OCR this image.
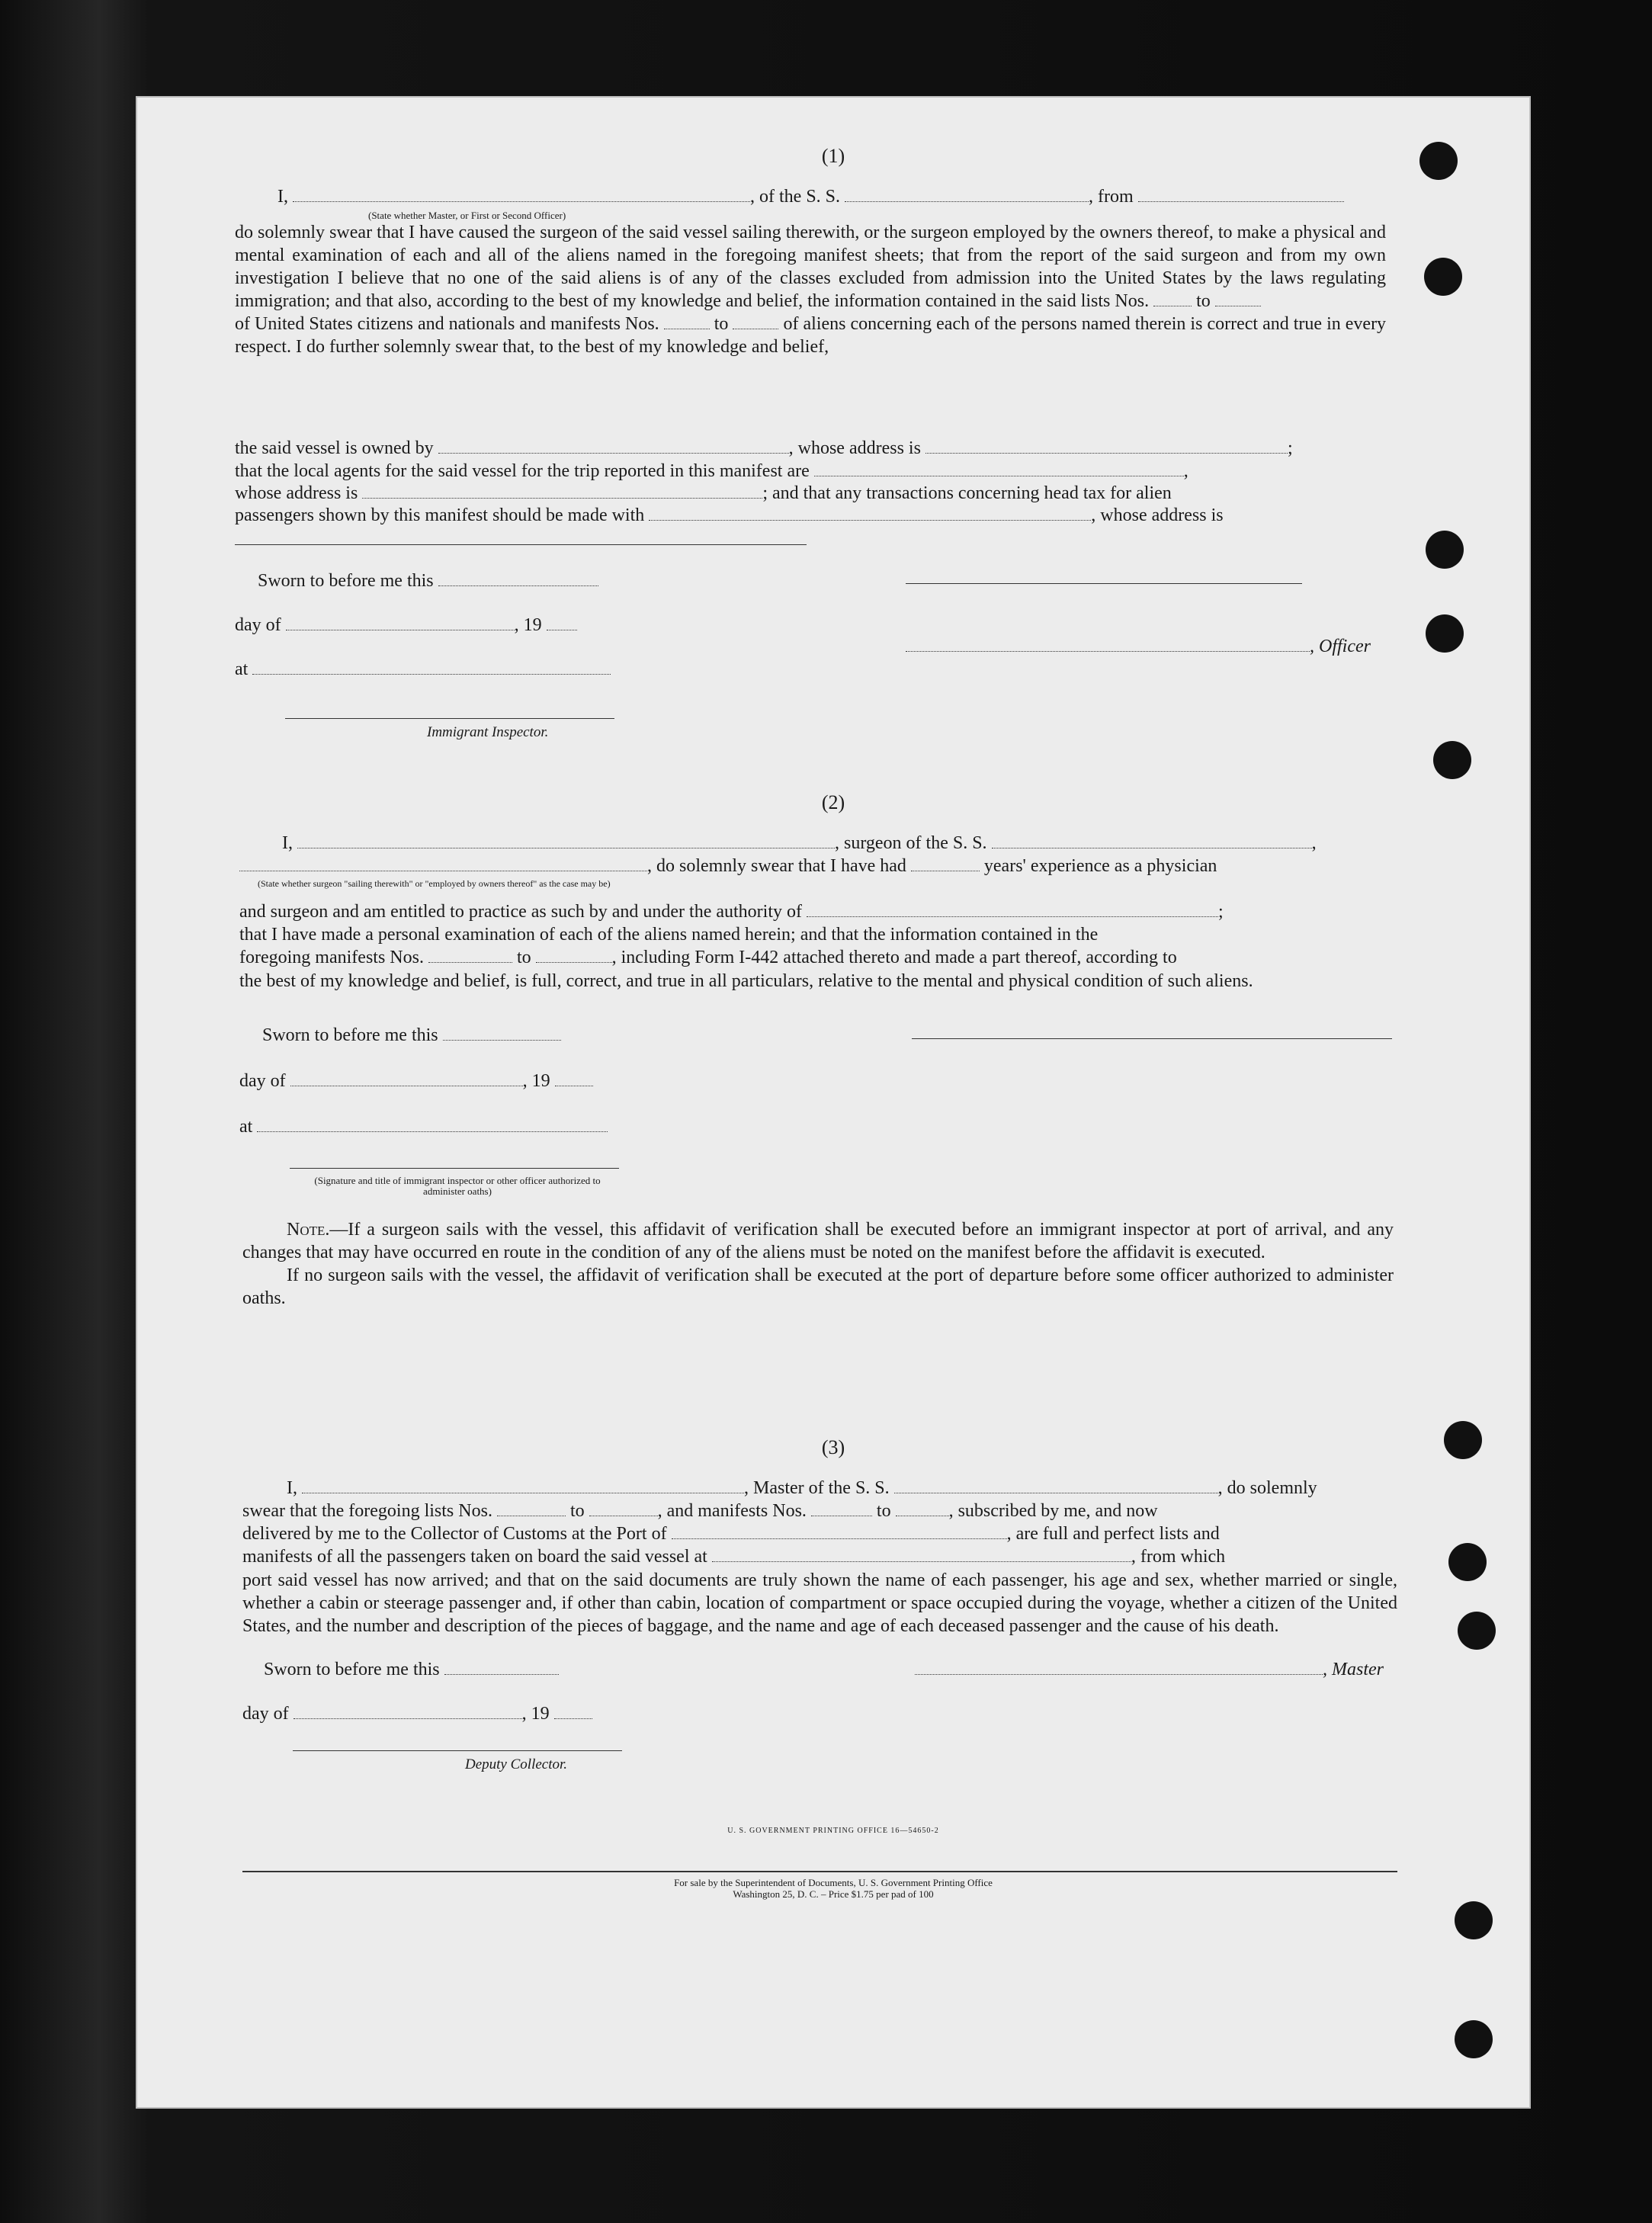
(1)
I,	, of the S. S.	, from
(State whether Master, or First or Second Officer)
do solemnly swear that I have caused the surgeon of the said vessel sailing therewith, or the surgeon employed by the owners thereof, to make a physical and mental examination of each and all of the aliens named in the foregoing manifest sheets; that from the report of the said surgeon and from my own investigation I believe that no one of the said aliens is of any of the classes excluded from admission into the United States by the laws regulating immigration; and that also, according to the best of my knowledge and belief, the information contained in the said lists Nos.	to
of United States citizens and nationals and manifests Nos.	to	of aliens concerning each of the persons named therein is correct and true in every respect. I do further solemnly swear that, to the best of my knowledge and belief,
the said vessel is owned by	, whose address is	;
that the local agents for the said vessel for the trip reported in this manifest are	,
whose address is	; and that any transactions concerning head tax for alien
passengers shown by this manifest should be made with	, whose address is
Sworn to before me this
day of	, 19
, Officer
at
Immigrant Inspector.
(2)
I,	, surgeon of the S. S.	,
, do solemnly swear that I have had	years' experience as a physician
(State whether surgeon "sailing therewith" or "employed by owners thereof" as the case may be)
and surgeon and am entitled to practice as such by and under the authority of	;
that I have made a personal examination of each of the aliens named herein; and that the information contained in the
foregoing manifests Nos.	to	, including Form I-442 attached thereto and made a part thereof, according to
the best of my knowledge and belief, is full, correct, and true in all particulars, relative to the mental and physical condition of such aliens.
Sworn to before me this
day of	, 19
at
(Signature and title of immigrant inspector or other officer authorized to administer oaths)

Note.—If a surgeon sails with the vessel, this affidavit of verification shall be executed before an immigrant inspector at port of arrival, and any changes that may have occurred en route in the condition of any of the aliens must be noted on the manifest before the affidavit is executed.

If no surgeon sails with the vessel, the affidavit of verification shall be executed at the port of departure before some officer authorized to administer oaths.

(3)
I,	, Master of the S. S.	, do solemnly
swear that the foregoing lists Nos.	to	, and manifests Nos.	to	, subscribed by me, and now
delivered by me to the Collector of Customs at the Port of	, are full and perfect lists and
manifests of all the passengers taken on board the said vessel at	, from which
port said vessel has now arrived; and that on the said documents are truly shown the name of each passenger, his age and sex, whether married or single, whether a cabin or steerage passenger and, if other than cabin, location of compartment or space occupied during the voyage, whether a citizen of the United States, and the number and description of the pieces of baggage, and the name and age of each deceased passenger and the cause of his death.
Sworn to before me this	, Master
day of	, 19
Deputy Collector.
U. S. GOVERNMENT PRINTING OFFICE 16—54650-2
For sale by the Superintendent of Documents, U. S. Government Printing Office
Washington 25, D. C. – Price $1.75 per pad of 100
